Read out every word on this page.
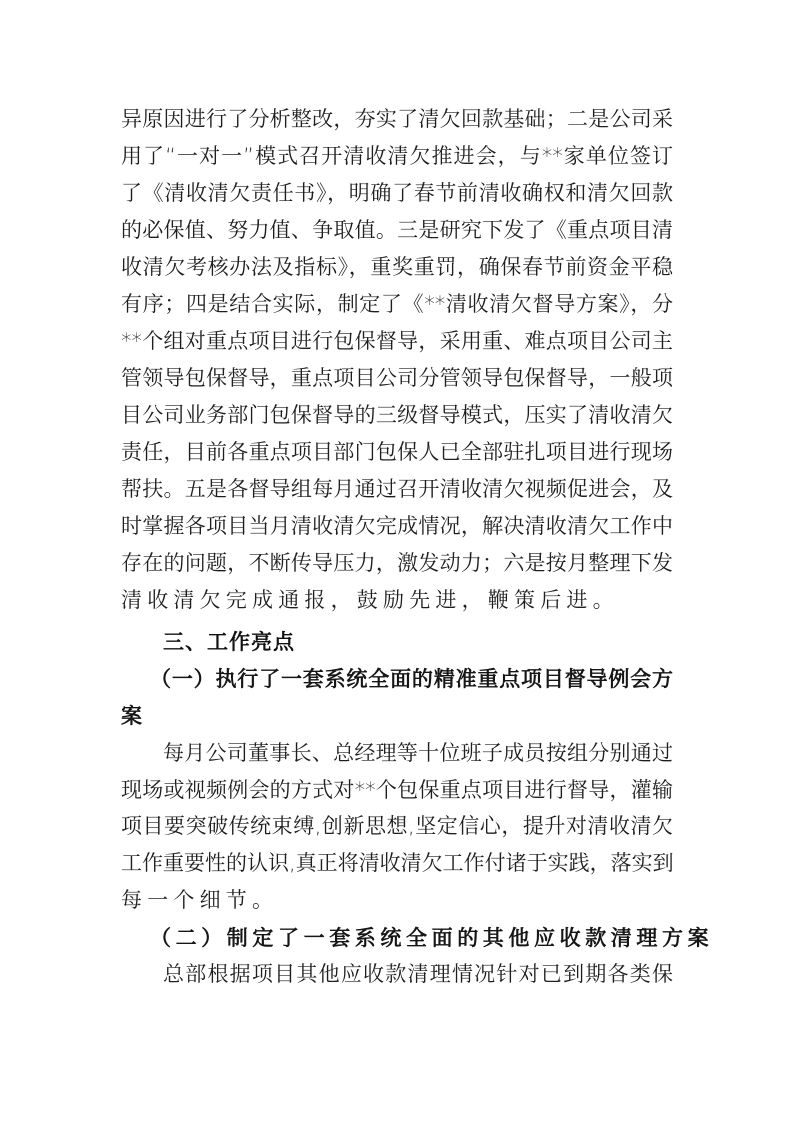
异原因进行了分析整改，夯实了清欠回款基础；二是公司采
用了“一对一”模式召开清收清欠推进会，与**家单位签订
了《清收清欠责任书》，明确了春节前清收确权和清欠回款
的必保值、努力值、争取值。三是研究下发了《重点项目清
收清欠考核办法及指标》，重奖重罚，确保春节前资金平稳
有序；四是结合实际，制定了《**清收清欠督导方案》，分
**个组对重点项目进行包保督导，采用重、难点项目公司主
管领导包保督导，重点项目公司分管领导包保督导，一般项
目公司业务部门包保督导的三级督导模式，压实了清收清欠
责任，目前各重点项目部门包保人已全部驻扎项目进行现场
帮扶。五是各督导组每月通过召开清收清欠视频促进会，及
时掌握各项目当月清收清欠完成情况，解决清收清欠工作中
存在的问题，不断传导压力，激发动力；六是按月整理下发
清收清欠完成通报，鼓励先进，鞭策后进。
三、工作亮点
（一）执行了一套系统全面的精准重点项目督导例会方
案
每月公司董事长、总经理等十位班子成员按组分别通过
现场或视频例会的方式对**个包保重点项目进行督导，灌输
项目要突破传统束缚,创新思想,坚定信心，提升对清收清欠
工作重要性的认识,真正将清收清欠工作付诸于实践，落实到
每一个细节。
（二）制定了一套系统全面的其他应收款清理方案
总部根据项目其他应收款清理情况针对已到期各类保
